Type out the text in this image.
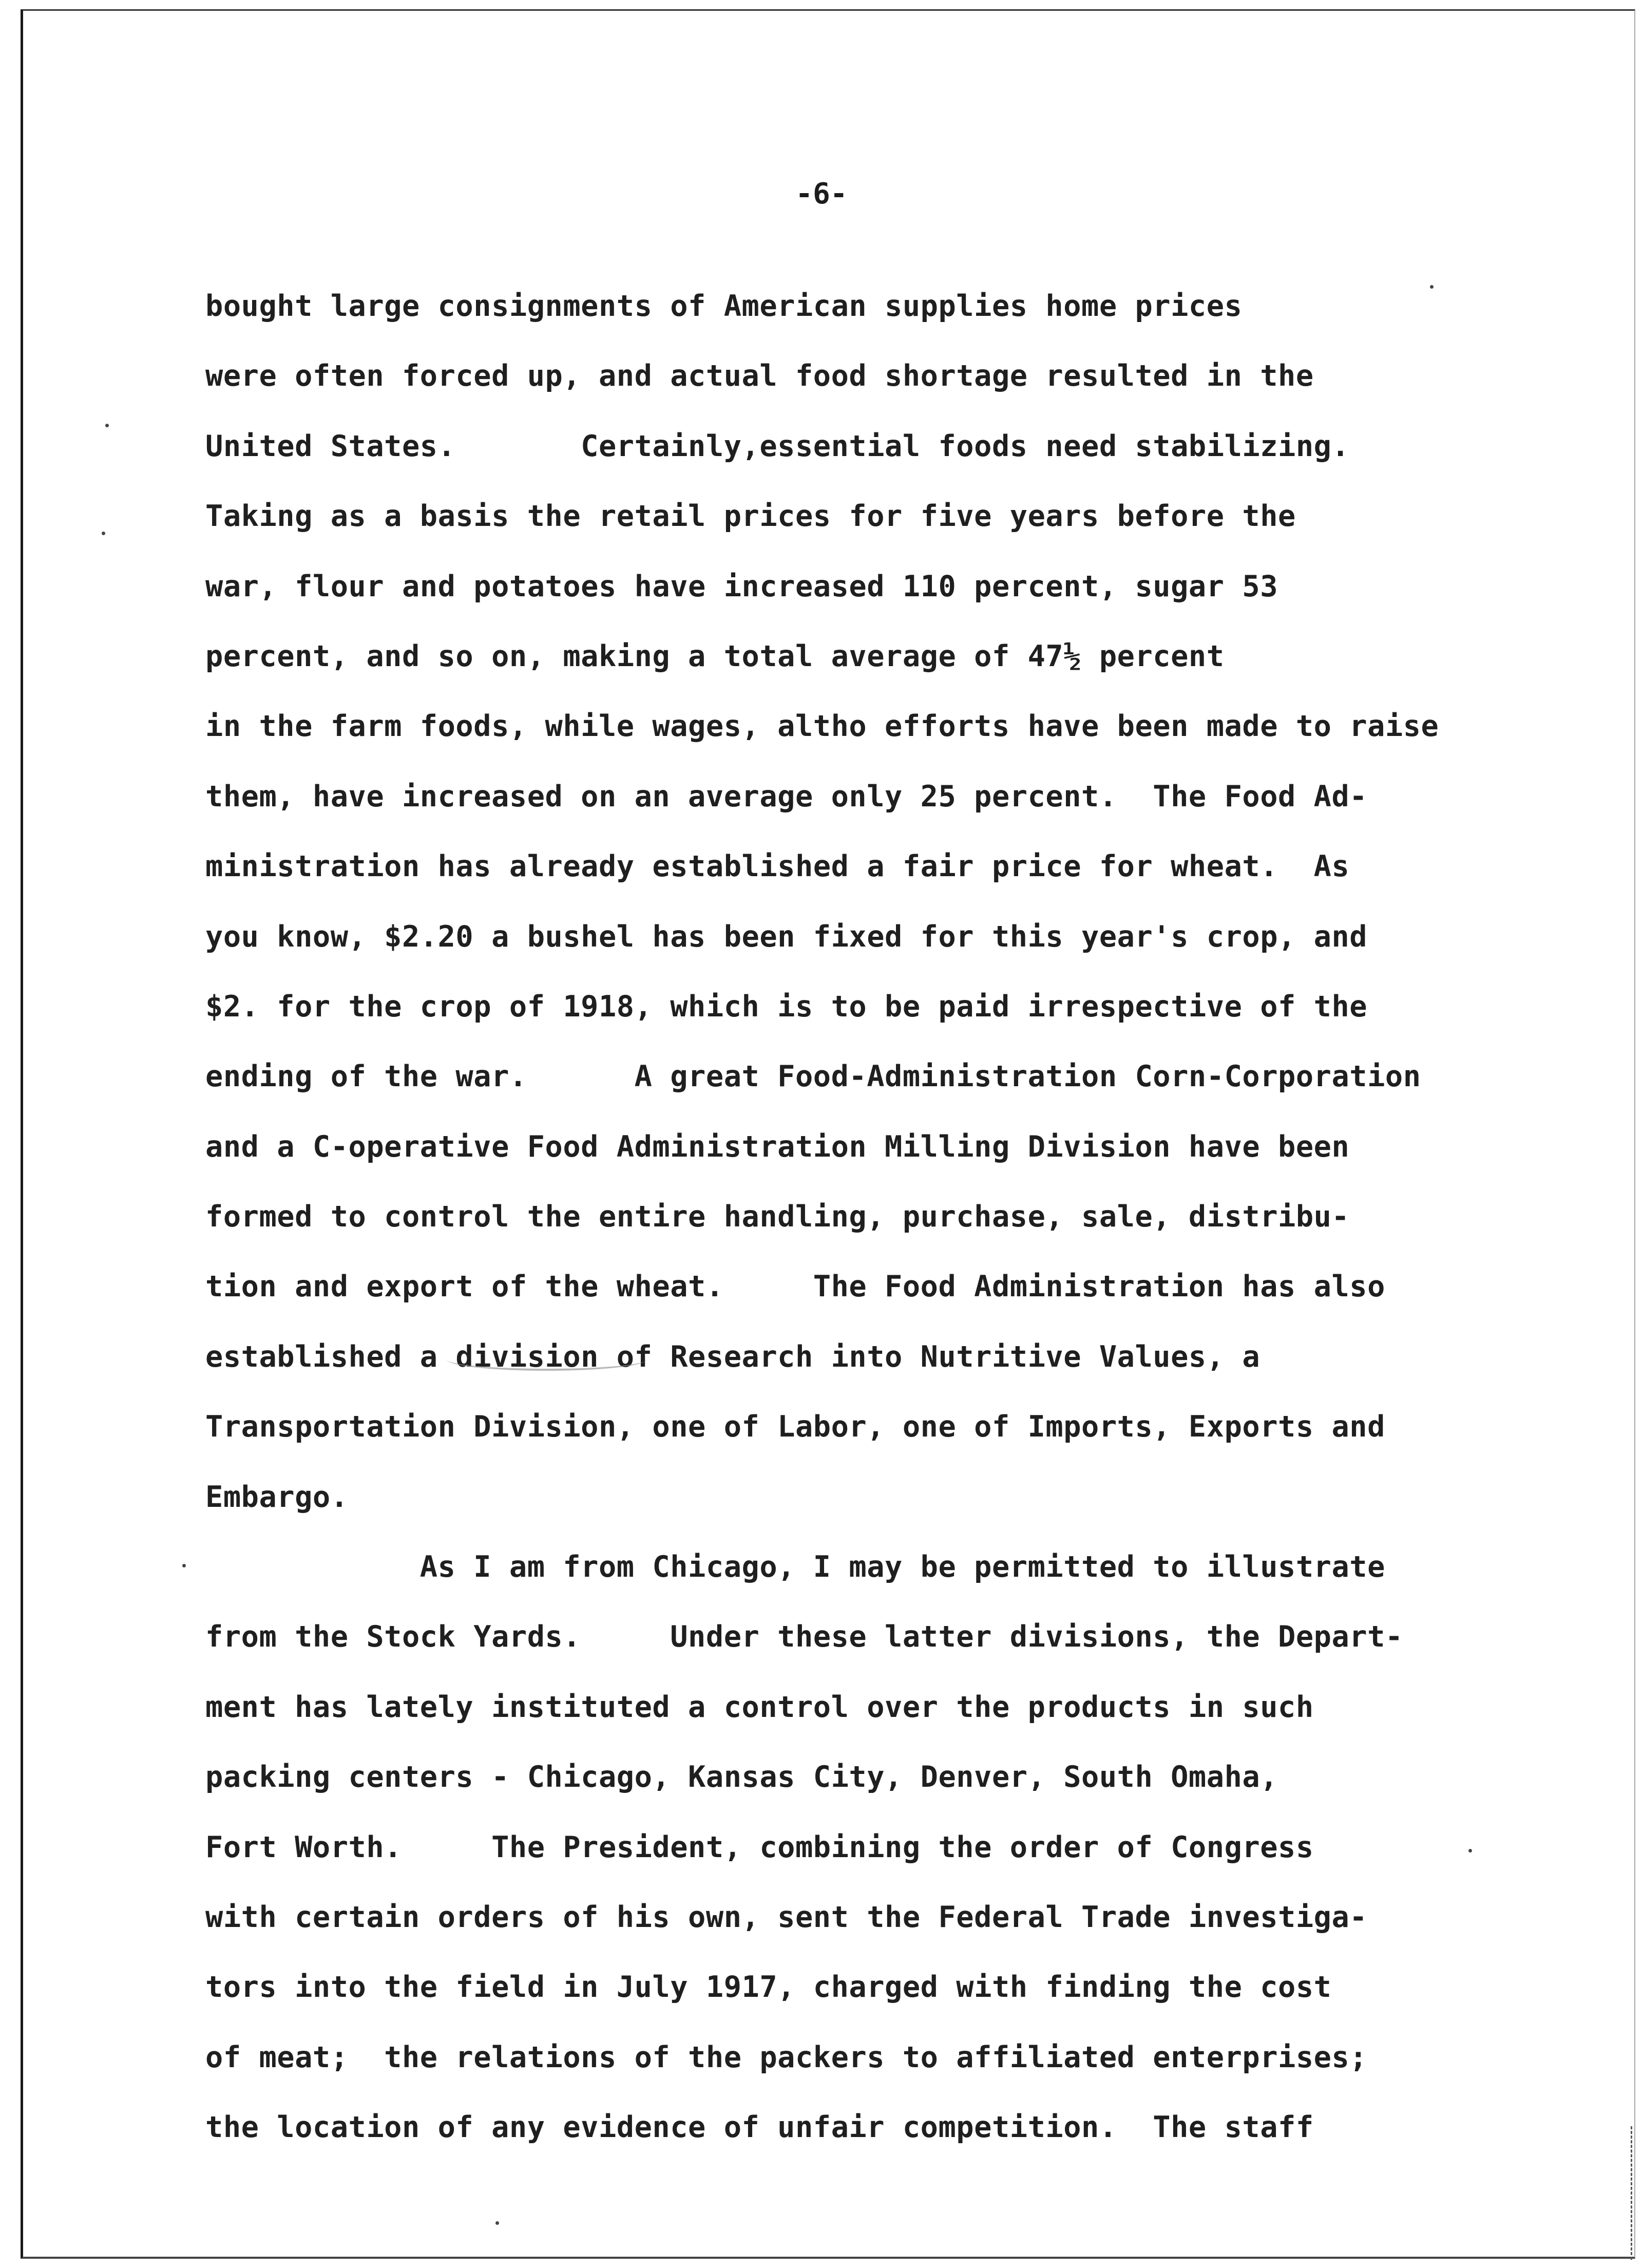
-6-
bought large consignments of American supplies home prices
were often forced up, and actual food shortage resulted in the
United States.       Certainly,essential foods need stabilizing.
Taking as a basis the retail prices for five years before the
war, flour and potatoes have increased 110 percent, sugar 53
percent, and so on, making a total average of 47½ percent
in the farm foods, while wages, altho efforts have been made to raise
them, have increased on an average only 25 percent.  The Food Ad-
ministration has already established a fair price for wheat.  As
you know, $2.20 a bushel has been fixed for this year's crop, and
$2. for the crop of 1918, which is to be paid irrespective of the
ending of the war.      A great Food-Administration Corn-Corporation
and a C-operative Food Administration Milling Division have been
formed to control the entire handling, purchase, sale, distribu-
tion and export of the wheat.     The Food Administration has also
established a division of Research into Nutritive Values, a
Transportation Division, one of Labor, one of Imports, Exports and
Embargo.
As I am from Chicago, I may be permitted to illustrate
from the Stock Yards.     Under these latter divisions, the Depart-
ment has lately instituted a control over the products in such
packing centers - Chicago, Kansas City, Denver, South Omaha,
Fort Worth.     The President, combining the order of Congress
with certain orders of his own, sent the Federal Trade investiga-
tors into the field in July 1917, charged with finding the cost
of meat;  the relations of the packers to affiliated enterprises;
the location of any evidence of unfair competition.  The staff
